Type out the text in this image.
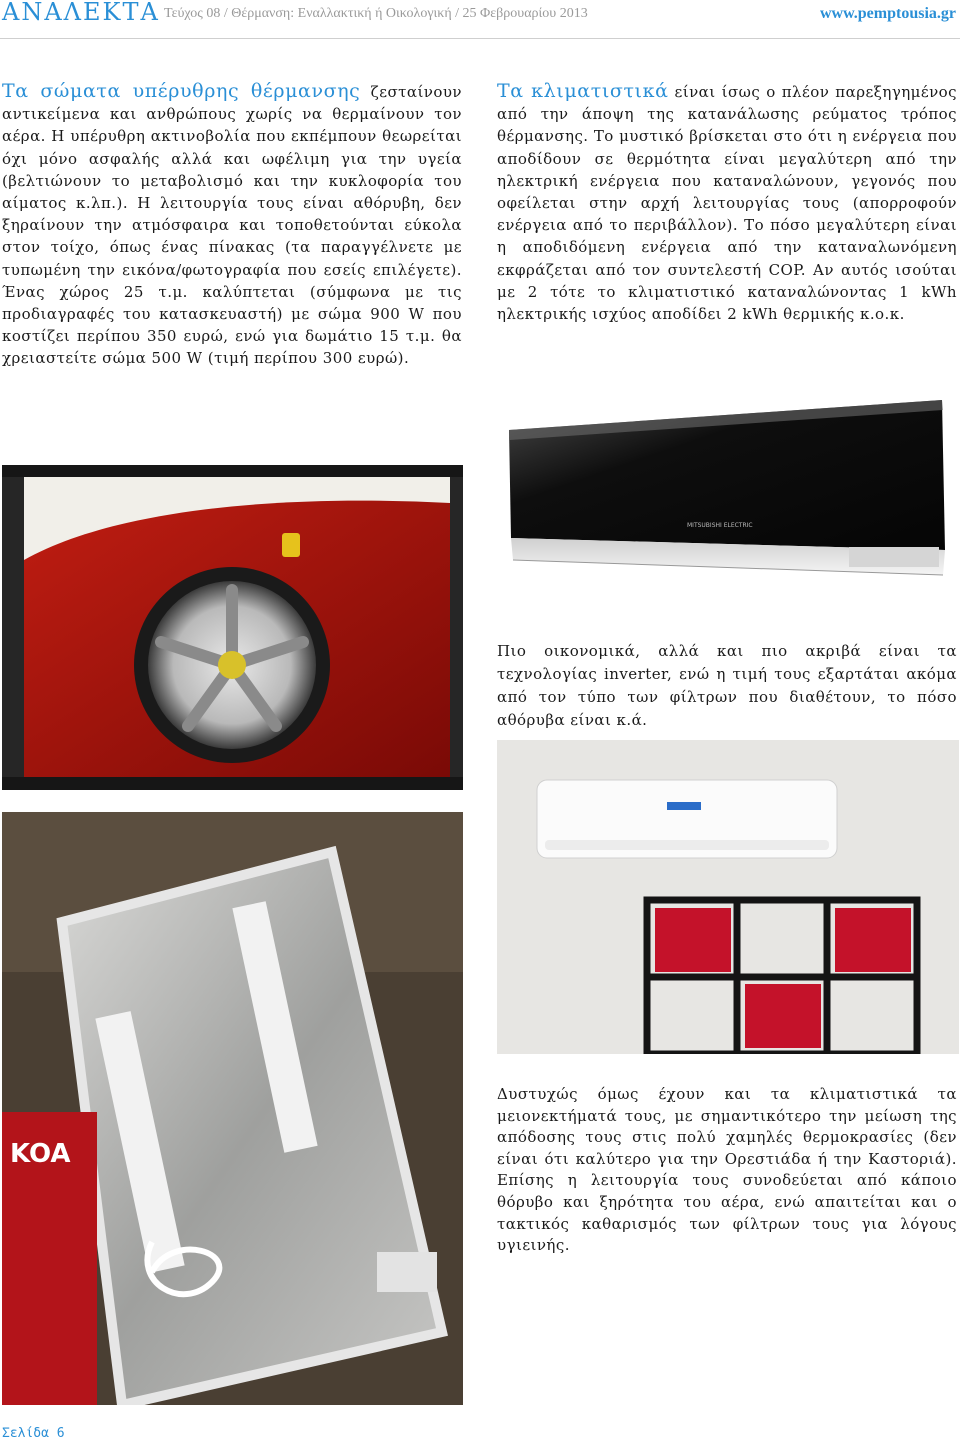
ΑΝΑΛΕΚΤΑ Τεύχος 08 / Θέρμανση: Εναλλακτική ή Οικολογική / 25 Φεβρουαρίου 2013	www.pemptousia.gr

Τα σώματα υπέρυθρης θέρμανσης ζεσταίνουν αντικείμενα και ανθρώπους χωρίς να θερμαίνουν τον αέρα. Η υπέρυθρη ακτινοβολία που εκπέμπουν θεωρείται όχι μόνο ασφαλής αλλά και ωφέλιμη για την υγεία (βελτιώνουν το μεταβολισμό και την κυκλοφορία του αίματος κ.λπ.). Η λειτουργία τους είναι αθόρυβη, δεν ξηραίνουν την ατμόσφαιρα και τοποθετούνται εύκολα στον τοίχο, όπως ένας πίνακας (τα παραγγέλνετε με τυπωμένη την εικόνα/φωτογραφία που εσείς επιλέγετε). Ένας χώρος 25 τ.μ. καλύπτεται (σύμφωνα με τις προδιαγραφές του κατασκευαστή) με σώμα 900 W που κοστίζει περίπου 350 ευρώ, ενώ για δωμάτιο 15 τ.μ. θα χρειαστείτε σώμα 500 W (τιμή περίπου 300 ευρώ).

Τα κλιματιστικά είναι ίσως ο πλέον παρεξηγημένος από την άποψη της κατανάλωσης ρεύματος τρόπος θέρμανσης. Το μυστικό βρίσκεται στο ότι η ενέργεια που αποδίδουν σε θερμότητα είναι μεγαλύτερη από την ηλεκτρική ενέργεια που καταναλώνουν, γεγονός που οφείλεται στην αρχή λειτουργίας τους (απορροφούν ενέργεια από το περιβάλλον). Το πόσο μεγαλύτερη είναι η αποδιδόμενη ενέργεια από την καταναλωνόμενη εκφράζεται από τον συντελεστή COP. Αν αυτός ισούται με 2 τότε το κλιματιστικό καταναλώνοντας 1 kWh ηλεκτρικής ισχύος αποδίδει 2 kWh θερμικής κ.ο.κ.

MITSUBISHI ELECTRIC

Πιο οικονομικά, αλλά και πιο ακριβά είναι τα τεχνολογίας inverter, ενώ η τιμή τους εξαρτάται ακόμα από τον τύπο των φίλτρων που διαθέτουν, το πόσο αθόρυβα είναι κ.ά.

KOA

Δυστυχώς όμως έχουν και τα κλιματιστικά τα μειονεκτήματά τους, με σημαντικότερο την μείωση της απόδοσης τους στις πολύ χαμηλές θερμοκρασίες (δεν είναι ότι καλύτερο για την Ορεστιάδα ή την Καστοριά). Επίσης η λειτουργία τους συνοδεύεται από κάποιο θόρυβο και ξηρότητα του αέρα, ενώ απαιτείται και ο τακτικός καθαρισμός των φίλτρων τους για λόγους υγιεινής.

Σελίδα 6
